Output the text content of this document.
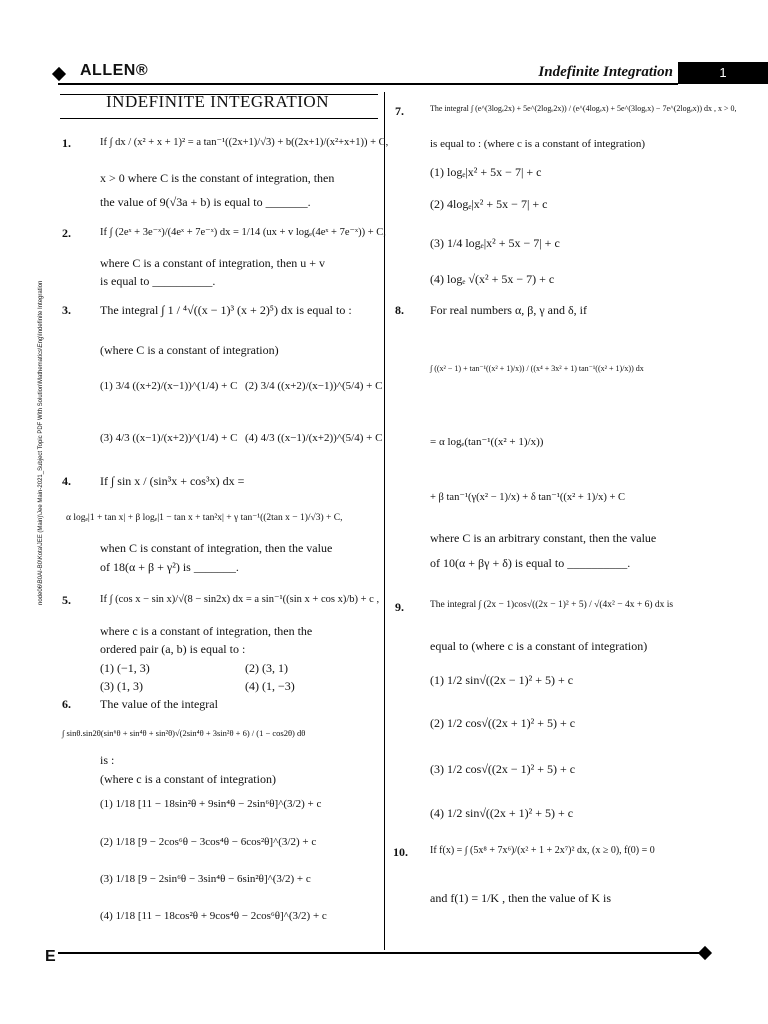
ALLEN®	Indefinite Integration	1
INDEFINITE INTEGRATION
node06\B0AI-B0\Kota\JEE (Main)\Jee Main-2021_Subject Topic PDF With Solution\Mathematics\Eng\Indefinite Integration
1.	If ∫ dx / (x² + x + 1)² = a tan⁻¹((2x+1)/√3) + b((2x+1)/(x²+x+1)) + C,
x > 0 where C is the constant of integration, then
the value of 9(√3a + b) is equal to _______.
2.	If ∫ (2eˣ + 3e⁻ˣ)/(4eˣ + 7e⁻ˣ) dx = 1/14 (ux + v logₑ(4eˣ + 7e⁻ˣ)) + C,
where C is a constant of integration, then u + v
is equal to __________.
3. The integral ∫ 1 / ⁴√((x − 1)³ (x + 2)⁵) dx is equal to :
(where C is a constant of integration)
(1) 3/4 ((x+2)/(x−1))^(1/4) + C (2) 3/4 ((x+2)/(x−1))^(5/4) + C
(3) 4/3 ((x−1)/(x+2))^(1/4) + C (4) 4/3 ((x−1)/(x+2))^(5/4) + C
4. If ∫ sin x / (sin³x + cos³x) dx =
α logₑ|1 + tan x| + β logₑ|1 − tan x + tan²x| + γ tan⁻¹((2tan x − 1)/√3) + C,
when C is constant of integration, then the value
of 18(α + β + γ²) is _______.
5.	If ∫ (cos x − sin x)/√(8 − sin2x) dx = a sin⁻¹((sin x + cos x)/b) + c ,
where c is a constant of integration, then the
ordered pair (a, b) is equal to :
(1) (−1, 3)	(2) (3, 1)
(3) (1, 3)	(4) (1, −3)
6. The value of the integral
∫ sinθ.sin2θ(sin⁶θ + sin⁴θ + sin²θ)√(2sin⁴θ + 3sin²θ + 6) / (1 − cos2θ) dθ
is :
(where c is a constant of integration)
(1) 1/18 [11 − 18sin²θ + 9sin⁴θ − 2sin⁶θ]^(3/2) + c
(2) 1/18 [9 − 2cos⁶θ − 3cos⁴θ − 6cos²θ]^(3/2) + c
(3) 1/18 [9 − 2sin⁶θ − 3sin⁴θ − 6sin²θ]^(3/2) + c
(4) 1/18 [11 − 18cos²θ + 9cos⁴θ − 2cos⁶θ]^(3/2) + c
7.	The integral ∫ (e^(3logₑ2x) + 5e^(2logₑ2x)) / (e^(4logₑx) + 5e^(3logₑx) − 7e^(2logₑx)) dx , x > 0,
is equal to : (where c is a constant of integration)
(1) logₑ|x² + 5x − 7| + c
(2) 4logₑ|x² + 5x − 7| + c
(3) 1/4 logₑ|x² + 5x − 7| + c
(4) logₑ √(x² + 5x − 7) + c
8. For real numbers α, β, γ and δ, if
∫ ((x² − 1) + tan⁻¹((x² + 1)/x)) / ((x⁴ + 3x² + 1) tan⁻¹((x² + 1)/x)) dx
= α logₑ(tan⁻¹((x² + 1)/x))
+ β tan⁻¹(γ(x² − 1)/x) + δ tan⁻¹((x² + 1)/x) + C
where C is an arbitrary constant, then the value
of 10(α + βγ + δ) is equal to __________.
9.	The integral ∫ (2x − 1)cos√((2x − 1)² + 5) / √(4x² − 4x + 6) dx is
equal to (where c is a constant of integration)
(1) 1/2 sin√((2x − 1)² + 5) + c
(2) 1/2 cos√((2x + 1)² + 5) + c
(3) 1/2 cos√((2x − 1)² + 5) + c
(4) 1/2 sin√((2x + 1)² + 5) + c
10. If f(x) = ∫ (5x⁸ + 7x⁶)/(x² + 1 + 2x⁷)² dx, (x ≥ 0), f(0) = 0
and f(1) = 1/K , then the value of K is
E
